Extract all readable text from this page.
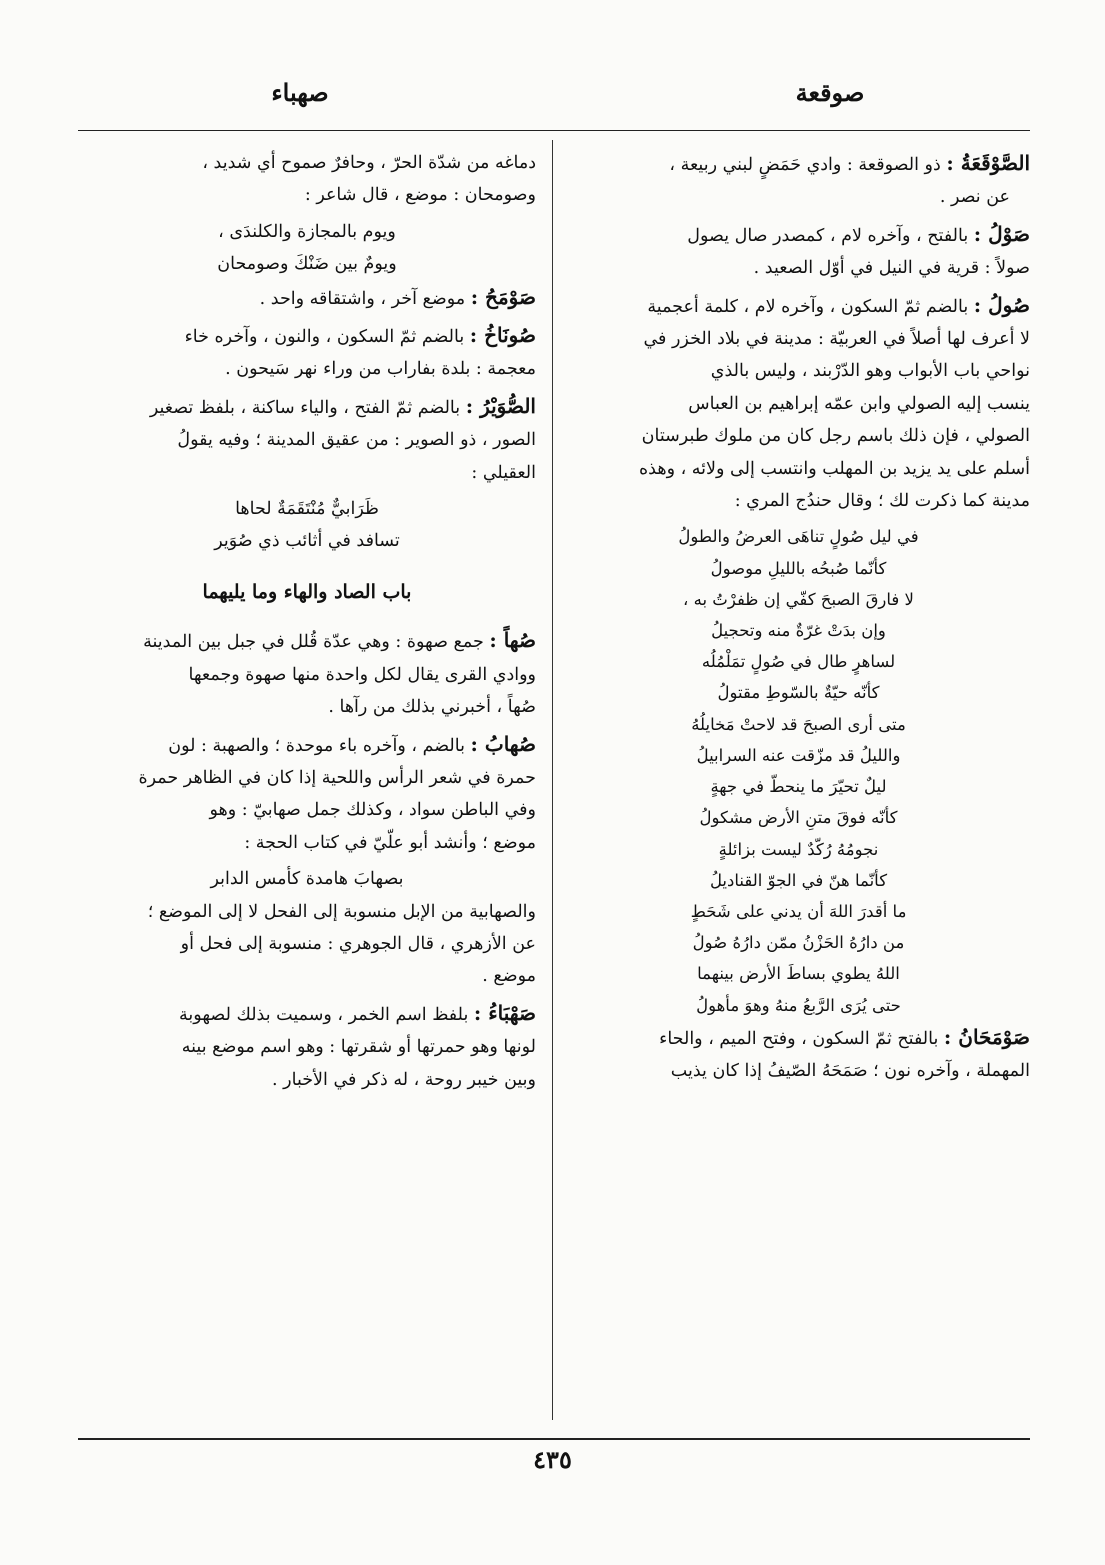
صوقعة
صهباء

الصَّوْقَعَةُ : ذو الصوقعة : وادي حَمَضٍ لبني ربيعة ،

عن نصر .

صَوْلُ : بالفتح ، وآخره لام ، كمصدر صال يصول

صولاً : قرية في النيل في أوّل الصعيد .

صُولُ : بالضم ثمّ السكون ، وآخره لام ، كلمة أعجمية

لا أعرف لها أصلاً في العربيّة : مدينة في بلاد الخزر في

نواحي باب الأبواب وهو الدّرْبند ، وليس بالذي

ينسب إليه الصولي وابن عمّه إبراهيم بن العباس

الصولي ، فإن ذلك باسم رجل كان من ملوك طبرستان

أسلم على يد يزيد بن المهلب وانتسب إلى ولائه ، وهذه

مدينة كما ذكرت لك ؛ وقال حندُج المري :

في ليل صُولٍ تناهَى العرضُ والطولُ

كأنّما صُبحُه بالليلِ موصولُ

لا فارقَ الصبحَ كفّي إن ظفرْتُ به ،

وإن بدَتْ غرّةٌ منه وتحجيلُ

لساهرٍ طال في صُولٍ تمَلْمُلُه

كأنّه حيّةٌ بالسّوطِ مقتولُ

متى أرى الصبحَ قد لاحتْ مَخايلُهُ

والليلُ قد مزّقت عنه السرابيلُ

ليلٌ تحيّرَ ما ينحطّ في جهةٍ

كأنّه فوقَ متنِ الأرض مشكولُ

نجومُهُ رُكّدٌ ليست بزائلةٍ

كأنّما هنّ في الجوّ القناديلُ

ما أقدرَ اللهَ أن يدني على شَحَطٍ

من دارُهُ الحَزْنُ ممّن دارُهُ صُولُ

اللهُ يطوي بساطَ الأرض بينهما

حتى يُرَى الرَّبعُ منهُ وهوَ مأهولُ

صَوْمَحَانُ : بالفتح ثمّ السكون ، وفتح الميم ، والحاء

المهملة ، وآخره نون ؛ صَمَحَهُ الصّيفُ إذا كان يذيب

دماغه من شدّة الحرّ ، وحافرٌ صموح أي شديد ،

وصومحان : موضع ، قال شاعر :

ويوم بالمجازة والكلندَى ،

ويومٌ بين ضَنْكَ وصومحان

صَوْمَحُ : موضع آخر ، واشتقاقه واحد .

صُونَاخُ : بالضم ثمّ السكون ، والنون ، وآخره خاء

معجمة : بلدة بفاراب من وراء نهر سَيحون .

الصُّوَيْرُ : بالضم ثمّ الفتح ، والياء ساكنة ، بلفظ تصغير

الصور ، ذو الصوير : من عقيق المدينة ؛ وفيه يقولُ

العقيلي :

ظَرَابيٌّ مُنْتَقَمَةٌ لحاها

تسافد في أثائب ذي صُوَير

باب الصاد والهاء وما يليهما

صُهاً : جمع صهوة : وهي عدّة قُلل في جبل بين المدينة

ووادي القرى يقال لكل واحدة منها صهوة وجمعها

صُهاً ، أخبرني بذلك من رآها .

صُهابُ : بالضم ، وآخره باء موحدة ؛ والصهبة : لون

حمرة في شعر الرأس واللحية إذا كان في الظاهر حمرة

وفي الباطن سواد ، وكذلك جمل صهابيّ : وهو

موضع ؛ وأنشد أبو علّيّ في كتاب الحجة :

بصهابَ هامدة كأمس الدابر

والصهابية من الإبل منسوبة إلى الفحل لا إلى الموضع ؛

عن الأزهري ، قال الجوهري : منسوبة إلى فحل أو

موضع .

صَهْبَاءُ : بلفظ اسم الخمر ، وسميت بذلك لصهوبة

لونها وهو حمرتها أو شقرتها : وهو اسم موضع بينه

وبين خيبر روحة ، له ذكر في الأخبار .

٤٣٥
